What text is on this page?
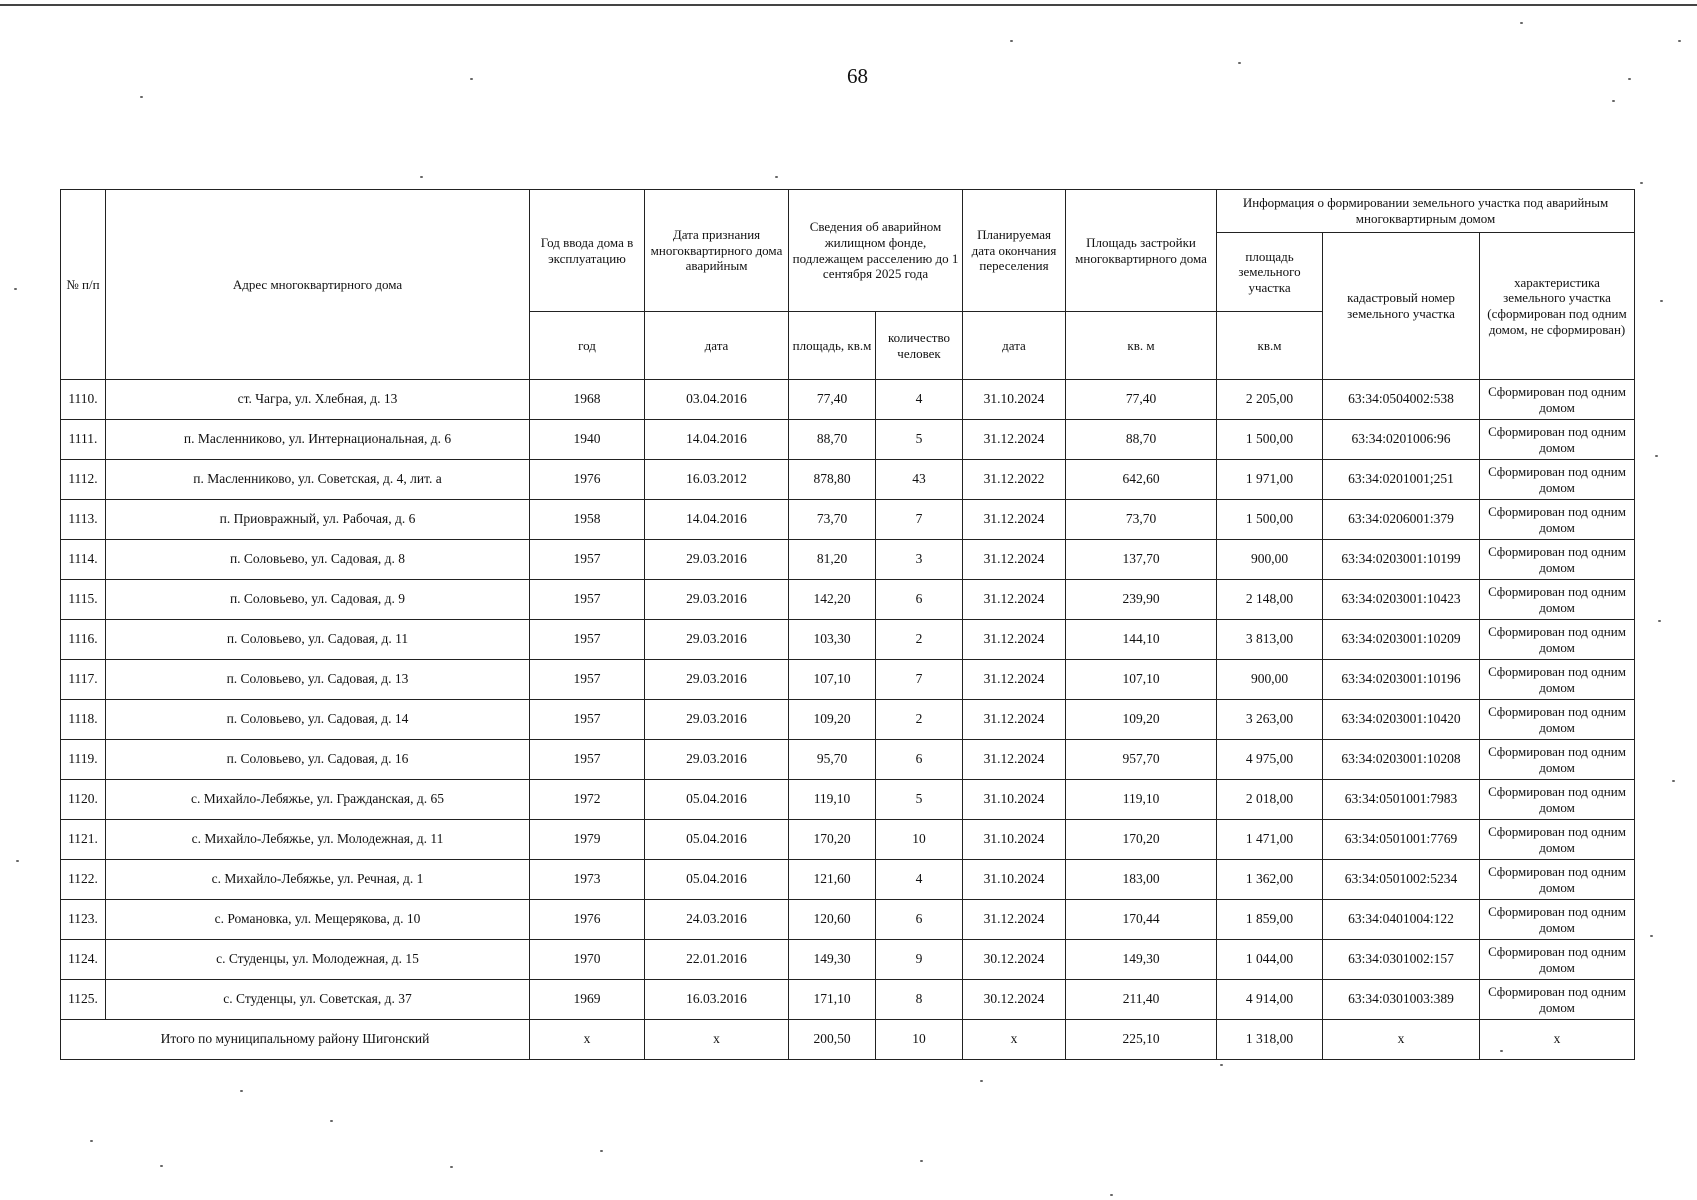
68
№ п/п	Адрес многоквартирного дома	Год ввода дома в эксплуатацию	Дата признания многоквартирного дома аварийным	Сведения об аварийном жилищном фонде, подлежащем расселению до 1 сентября 2025 года		Планируемая дата окончания переселения	Площадь застройки многоквартирного дома	Информация о формировании земельного участка под аварийным многоквартирным домом		
								площадь земельного участка	кадастровый номер земельного участка	характеристика земельного участка (сформирован под одним домом, не сформирован)
		год	дата	площадь, кв.м	количество человек	дата	кв. м	кв.м		
1110.	ст. Чагра, ул. Хлебная, д. 13	1968	03.04.2016	77,40	4	31.10.2024	77,40	2 205,00	63:34:0504002:538	Сформирован под одним домом
1111.	п. Масленниково, ул. Интернациональная, д. 6	1940	14.04.2016	88,70	5	31.12.2024	88,70	1 500,00	63:34:0201006:96	Сформирован под одним домом
1112.	п. Масленниково, ул. Советская, д. 4, лит. а	1976	16.03.2012	878,80	43	31.12.2022	642,60	1 971,00	63:34:0201001;251	Сформирован под одним домом
1113.	п. Приовражный, ул. Рабочая, д. 6	1958	14.04.2016	73,70	7	31.12.2024	73,70	1 500,00	63:34:0206001:379	Сформирован под одним домом
1114.	п. Соловьево, ул. Садовая, д. 8	1957	29.03.2016	81,20	3	31.12.2024	137,70	900,00	63:34:0203001:10199	Сформирован под одним домом
1115.	п. Соловьево, ул. Садовая, д. 9	1957	29.03.2016	142,20	6	31.12.2024	239,90	2 148,00	63:34:0203001:10423	Сформирован под одним домом
1116.	п. Соловьево, ул. Садовая, д. 11	1957	29.03.2016	103,30	2	31.12.2024	144,10	3 813,00	63:34:0203001:10209	Сформирован под одним домом
1117.	п. Соловьево, ул. Садовая, д. 13	1957	29.03.2016	107,10	7	31.12.2024	107,10	900,00	63:34:0203001:10196	Сформирован под одним домом
1118.	п. Соловьево, ул. Садовая, д. 14	1957	29.03.2016	109,20	2	31.12.2024	109,20	3 263,00	63:34:0203001:10420	Сформирован под одним домом
1119.	п. Соловьево, ул. Садовая, д. 16	1957	29.03.2016	95,70	6	31.12.2024	957,70	4 975,00	63:34:0203001:10208	Сформирован под одним домом
1120.	с. Михайло-Лебяжье, ул. Гражданская, д. 65	1972	05.04.2016	119,10	5	31.10.2024	119,10	2 018,00	63:34:0501001:7983	Сформирован под одним домом
1121.	с. Михайло-Лебяжье, ул. Молодежная, д. 11	1979	05.04.2016	170,20	10	31.10.2024	170,20	1 471,00	63:34:0501001:7769	Сформирован под одним домом
1122.	с. Михайло-Лебяжье, ул. Речная, д. 1	1973	05.04.2016	121,60	4	31.10.2024	183,00	1 362,00	63:34:0501002:5234	Сформирован под одним домом
1123.	с. Романовка, ул. Мещерякова, д. 10	1976	24.03.2016	120,60	6	31.12.2024	170,44	1 859,00	63:34:0401004:122	Сформирован под одним домом
1124.	с. Студенцы, ул. Молодежная, д. 15	1970	22.01.2016	149,30	9	30.12.2024	149,30	1 044,00	63:34:0301002:157	Сформирован под одним домом
1125.	с. Студенцы, ул. Советская, д. 37	1969	16.03.2016	171,10	8	30.12.2024	211,40	4 914,00	63:34:0301003:389	Сформирован под одним домом
Итого по муниципальному району Шигонский		х	х	200,50	10	х	225,10	1 318,00	х	х
